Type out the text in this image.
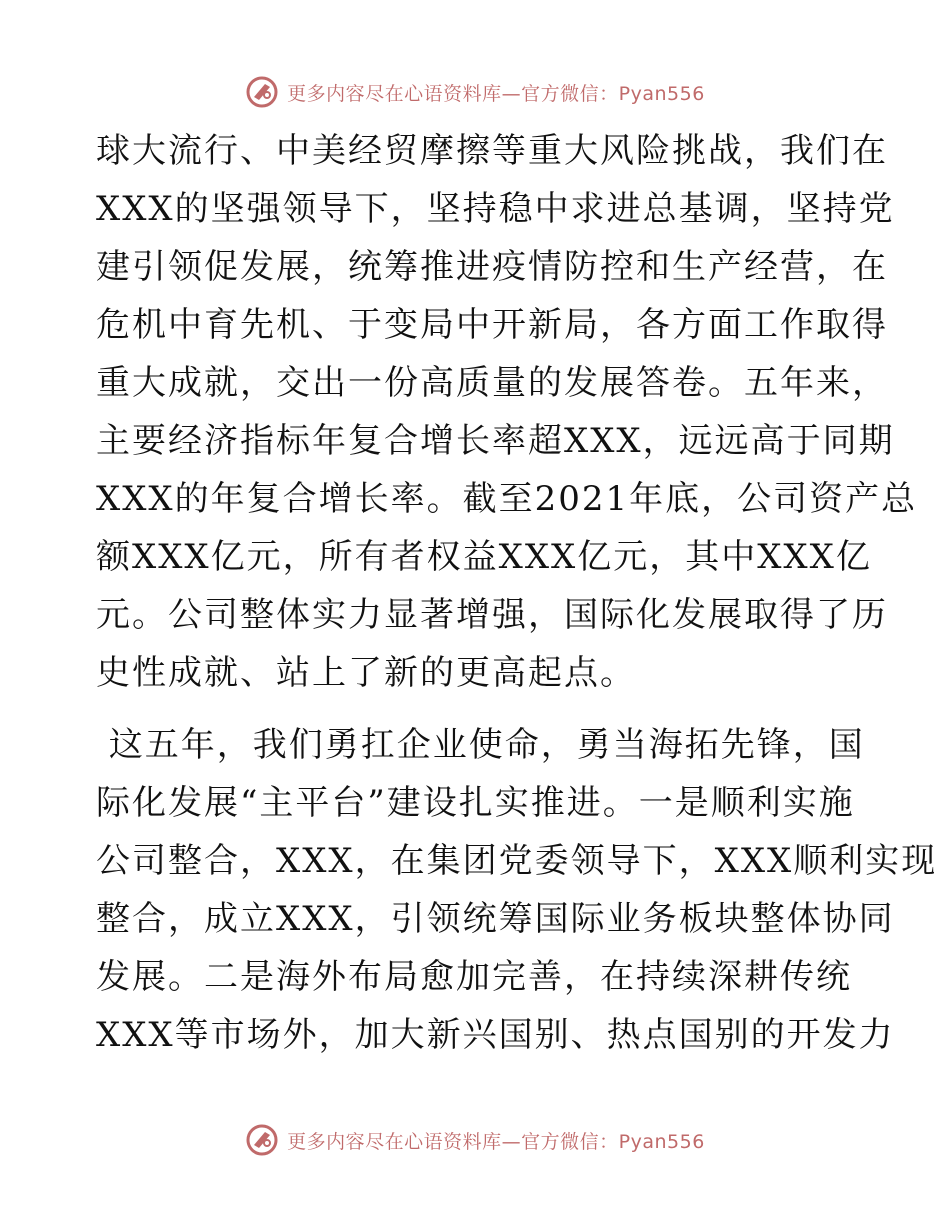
更多内容尽在心语资料库—官方微信：Pyan556
球大流行、中美经贸摩擦等重大风险挑战，我们在
XXX的坚强领导下，坚持稳中求进总基调，坚持党
建引领促发展，统筹推进疫情防控和生产经营，在
危机中育先机、于变局中开新局，各方面工作取得
重大成就，交出一份高质量的发展答卷。五年来，
主要经济指标年复合增长率超XXX，远远高于同期
XXX的年复合增长率。截至2021年底，公司资产总
额XXX亿元，所有者权益XXX亿元，其中XXX亿
元。公司整体实力显著增强，国际化发展取得了历
史性成就、站上了新的更高起点。
这五年，我们勇扛企业使命，勇当海拓先锋，国
际化发展“主平台”建设扎实推进。一是顺利实施
公司整合，XXX，在集团党委领导下，XXX顺利实现
整合，成立XXX，引领统筹国际业务板块整体协同
发展。二是海外布局愈加完善，在持续深耕传统
XXX等市场外，加大新兴国别、热点国别的开发力
更多内容尽在心语资料库—官方微信：Pyan556
